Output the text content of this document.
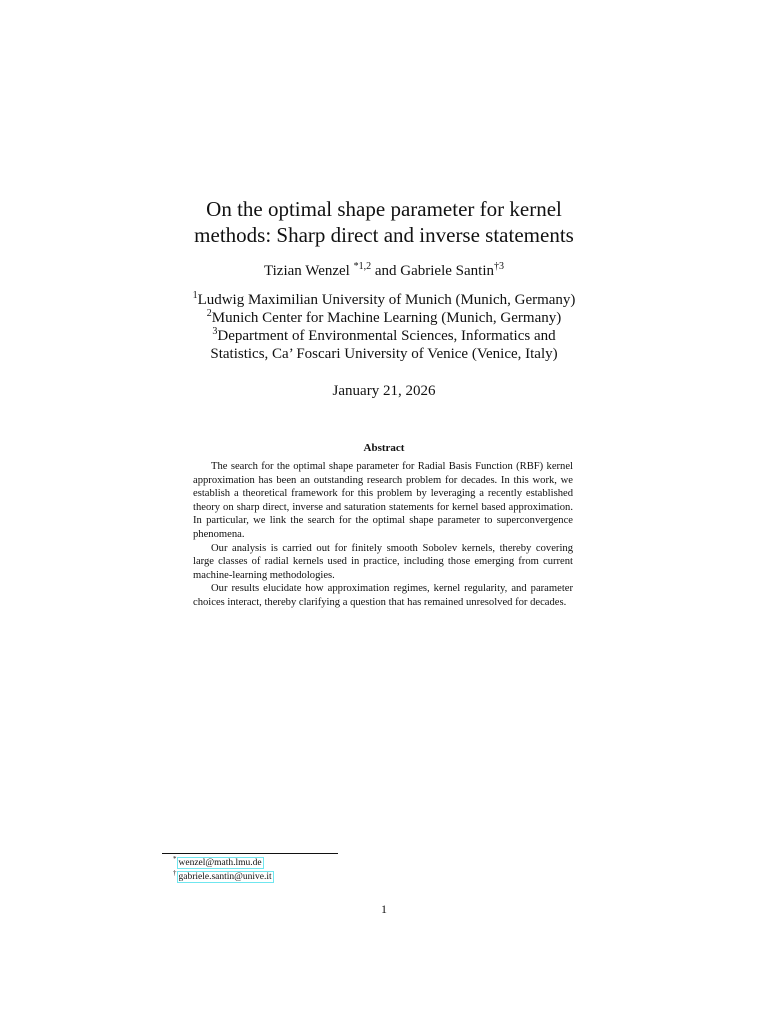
On the optimal shape parameter for kernel
methods: Sharp direct and inverse statements
Tizian Wenzel $^{*1,2}$ and Gabriele Santin$^{\dagger 3}$
$^1$Ludwig Maximilian University of Munich (Munich, Germany)
$^2$Munich Center for Machine Learning (Munich, Germany)
$^3$Department of Environmental Sciences, Informatics and
Statistics, Ca’ Foscari University of Venice (Venice, Italy)
January 21, 2026
Abstract

The search for the optimal shape parameter for Radial Basis Function (RBF) kernel approximation has been an outstanding research problem for decades. In this work, we establish a theoretical framework for this problem by leveraging a recently established theory on sharp direct, inverse and saturation statements for kernel based approximation. In particular, we link the search for the optimal shape parameter to superconvergence phenomena.

Our analysis is carried out for finitely smooth Sobolev kernels, thereby covering large classes of radial kernels used in practice, including those emerging from current machine-learning methodologies.

Our results elucidate how approximation regimes, kernel regularity, and parameter choices interact, thereby clarifying a question that has remained unresolved for decades.

* wenzel@math.lmu.de
† gabriele.santin@unive.it
1
